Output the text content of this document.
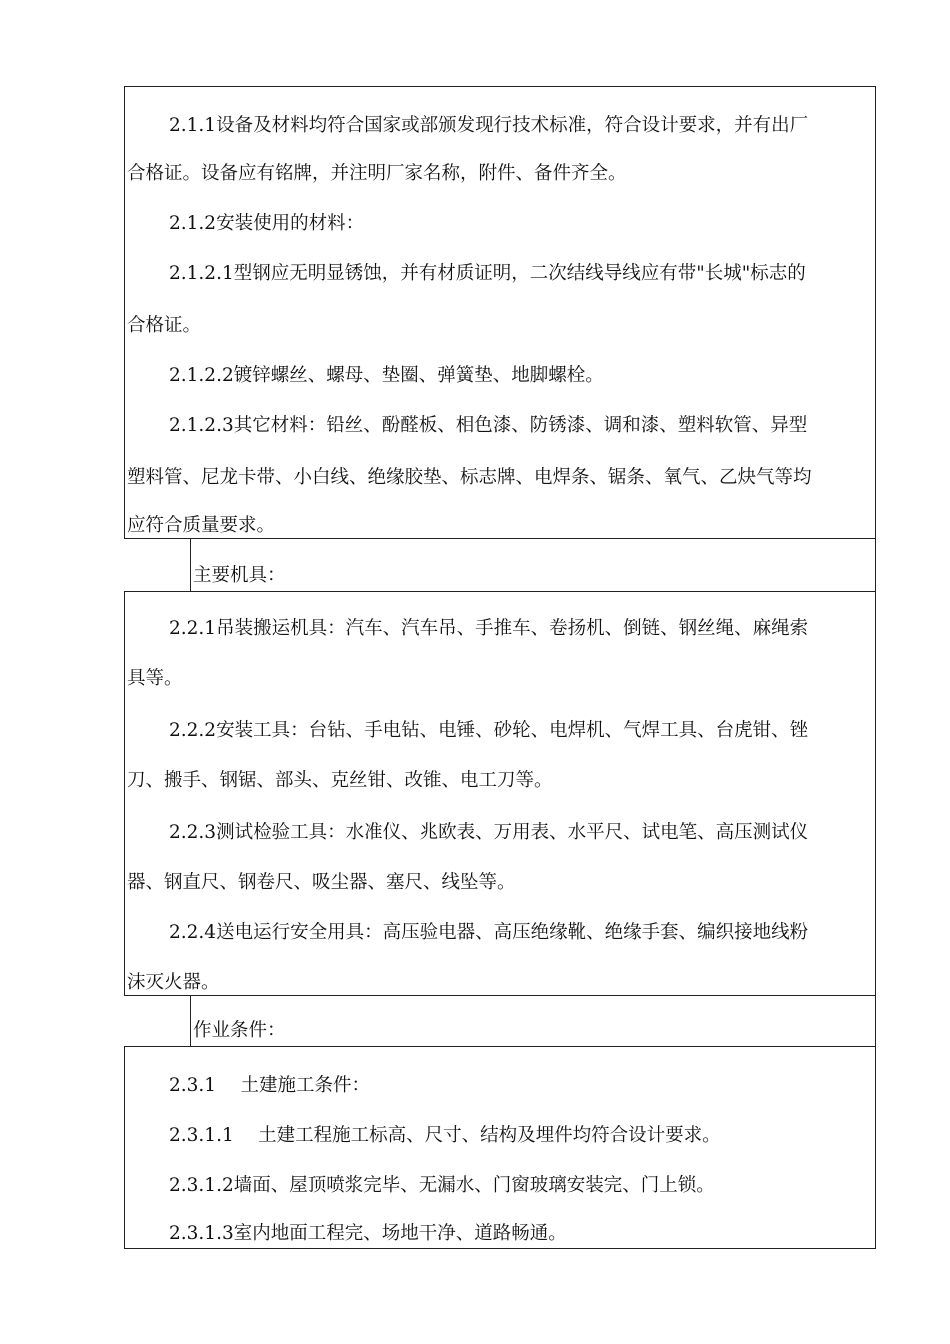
2.1.1设备及材料均符合国家或部颁发现行技术标准，符合设计要求，并有出厂
合格证。设备应有铭牌，并注明厂家名称，附件、备件齐全。
2.1.2安装使用的材料：
2.1.2.1型钢应无明显锈蚀，并有材质证明，二次结线导线应有带"长城"标志的
合格证。
2.1.2.2镀锌螺丝、螺母、垫圈、弹簧垫、地脚螺栓。
2.1.2.3其它材料：铅丝、酚醛板、相色漆、防锈漆、调和漆、塑料软管、异型
塑料管、尼龙卡带、小白线、绝缘胶垫、标志牌、电焊条、锯条、氧气、乙炔气等均
应符合质量要求。
主要机具：
2.2.1吊装搬运机具：汽车、汽车吊、手推车、卷扬机、倒链、钢丝绳、麻绳索
具等。
2.2.2安装工具：台钻、手电钻、电锤、砂轮、电焊机、气焊工具、台虎钳、锉
刀、搬手、钢锯、部头、克丝钳、改锥、电工刀等。
2.2.3测试检验工具：水准仪、兆欧表、万用表、水平尺、试电笔、高压测试仪
器、钢直尺、钢卷尺、吸尘器、塞尺、线坠等。
2.2.4送电运行安全用具：高压验电器、高压绝缘靴、绝缘手套、编织接地线粉
沫灭火器。
作业条件：
2.3.1　 土建施工条件：
2.3.1.1　 土建工程施工标高、尺寸、结构及埋件均符合设计要求。
2.3.1.2墙面、屋顶喷浆完毕、无漏水、门窗玻璃安装完、门上锁。
2.3.1.3室内地面工程完、场地干净、道路畅通。
